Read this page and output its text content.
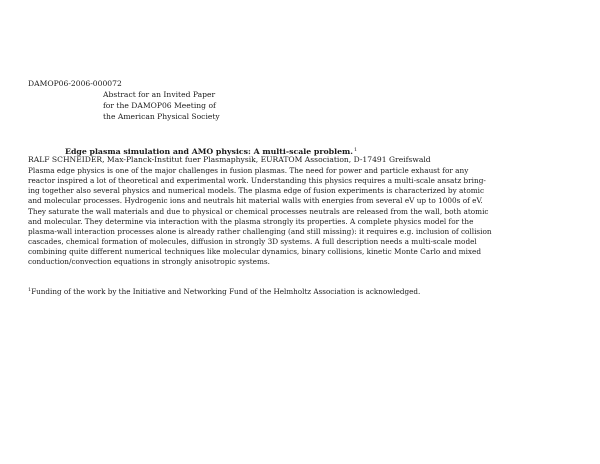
DAMOP06-2006-000072
Abstract for an Invited Paper
for the DAMOP06 Meeting of
the American Physical Society
Edge plasma simulation and AMO physics: A multi-scale problem.$^1$
RALF SCHNEIDER, Max-Planck-Institut fuer Plasmaphysik, EURATOM Association, D-17491 Greifswald
Plasma edge physics is one of the major challenges in fusion plasmas. The need for power and particle exhaust for any
reactor inspired a lot of theoretical and experimental work. Understanding this physics requires a multi-scale ansatz bring-
ing together also several physics and numerical models. The plasma edge of fusion experiments is characterized by atomic
and molecular processes. Hydrogenic ions and neutrals hit material walls with energies from several eV up to 1000s of eV.
They saturate the wall materials and due to physical or chemical processes neutrals are released from the wall, both atomic
and molecular. They determine via interaction with the plasma strongly its properties. A complete physics model for the
plasma-wall interaction processes alone is already rather challenging (and still missing): it requires e.g. inclusion of collision
cascades, chemical formation of molecules, diffusion in strongly 3D systems. A full description needs a multi-scale model
combining quite different numerical techniques like molecular dynamics, binary collisions, kinetic Monte Carlo and mixed
conduction/convection equations in strongly anisotropic systems.
$^1$Funding of the work by the Initiative and Networking Fund of the Helmholtz Association is acknowledged.
